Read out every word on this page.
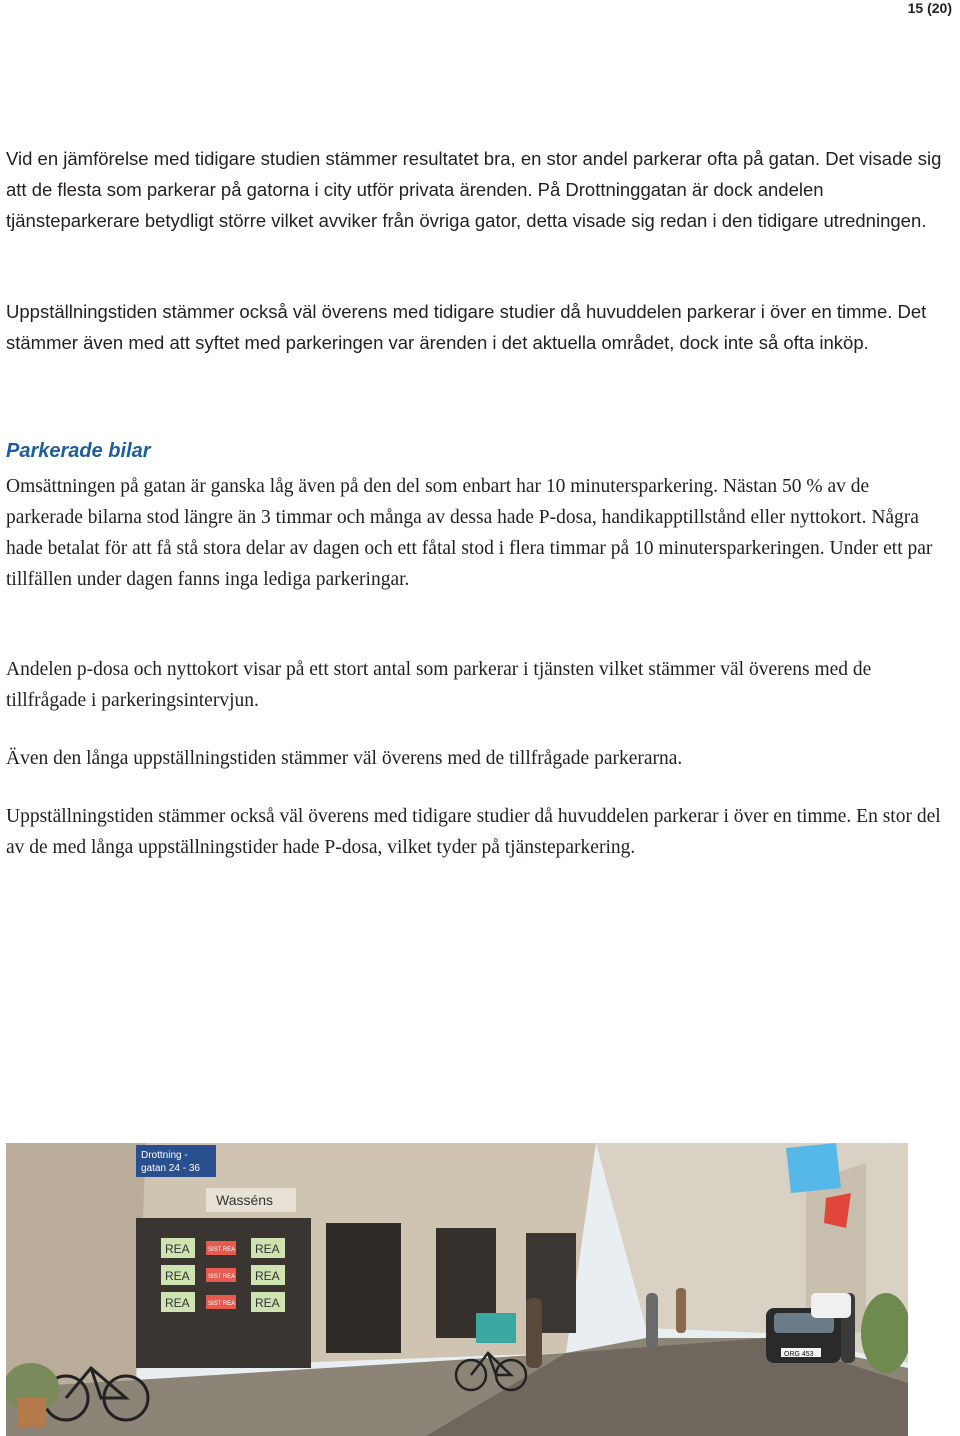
15 (20)

Vid en jämförelse med tidigare studien stämmer resultatet bra, en stor andel parkerar ofta på gatan. Det visade sig att de flesta som parkerar på gatorna i city utför privata ärenden. På Drottninggatan är dock andelen tjänsteparkerare betydligt större vilket avviker från övriga gator, detta visade sig redan i den tidigare utredningen.

Uppställningstiden stämmer också väl överens med tidigare studier då huvuddelen parkerar i över en timme. Det stämmer även med att syftet med parkeringen var ärenden i det aktuella området, dock inte så ofta inköp.

Parkerade bilar

Omsättningen på gatan är ganska låg även på den del som enbart har 10 minutersparkering. Nästan 50 % av de parkerade bilarna stod längre än 3 timmar och många av dessa hade P-dosa, handikapptillstånd eller nyttokort. Några hade betalat för att få stå stora delar av dagen och ett fåtal stod i flera timmar på 10 minutersparkeringen. Under ett par tillfällen under dagen fanns inga lediga parkeringar.

Andelen p-dosa och nyttokort visar på ett stort antal som parkerar i tjänsten vilket stämmer väl överens med de tillfrågade i parkeringsintervjun.

Även den långa uppställningstiden stämmer väl överens med de tillfrågade parkerarna.

Uppställningstiden stämmer också väl överens med tidigare studier då huvuddelen parkerar i över en timme. En stor del av de med långa uppställningstider hade P-dosa, vilket tyder på tjänsteparkering.

Wasséns
Drottning -
gatan 24 - 36
REA
REA
REA
REA
REA
REA
SIST REA
SIST REA
SIST REA
ORG 453
